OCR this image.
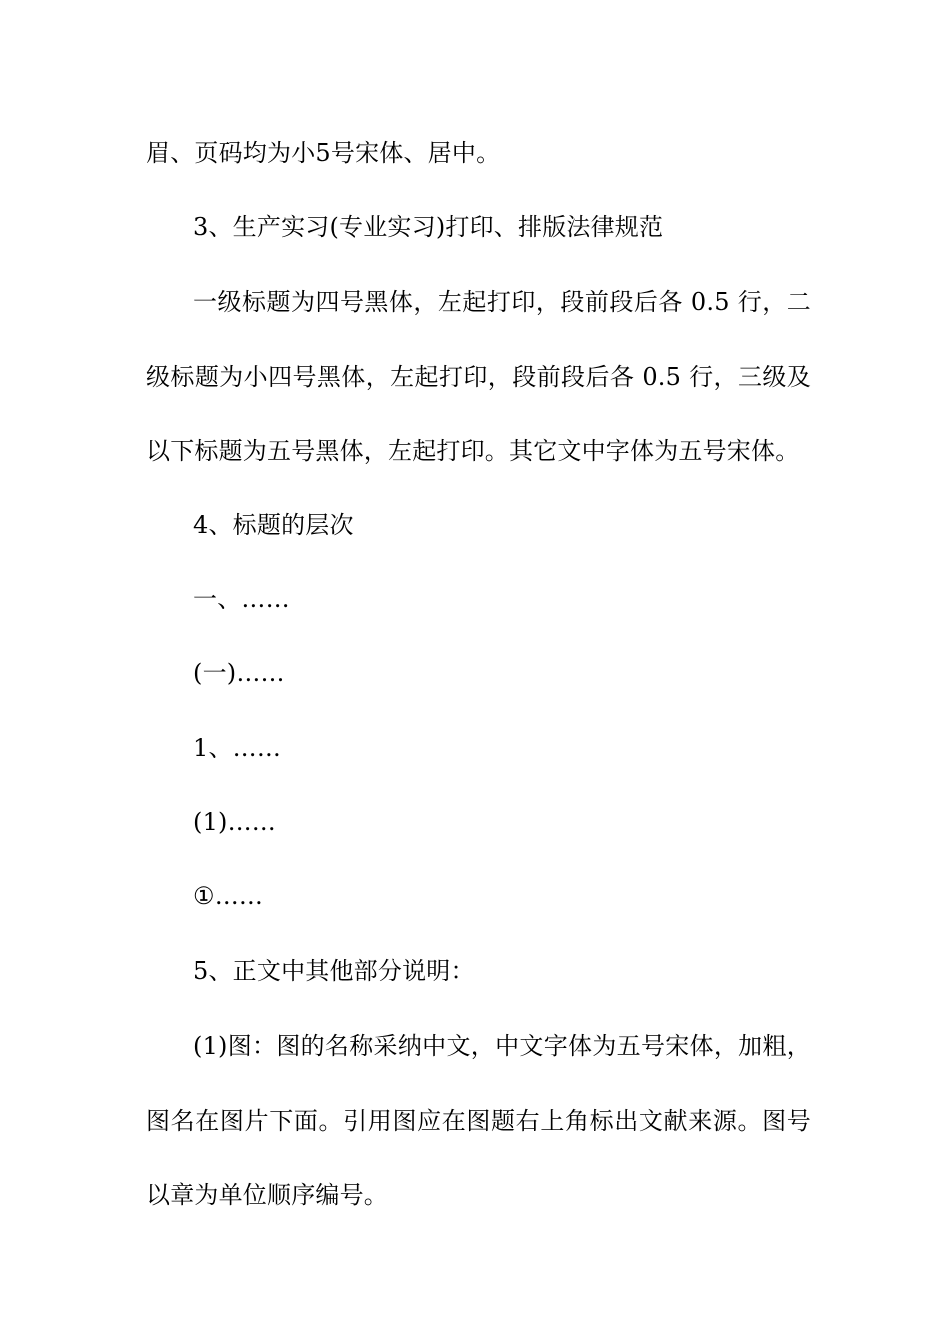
眉、页码均为小5号宋体、居中。
3、生产实习(专业实习)打印、排版法律规范
一级标题为四号黑体，左起打印，段前段后各 0.5 行，二
级标题为小四号黑体，左起打印，段前段后各 0.5 行，三级及
以下标题为五号黑体，左起打印。其它文中字体为五号宋体。
4、标题的层次
一、……
(一)……
1、……
(1)……
①……
5、正文中其他部分说明：
(1)图：图的名称采纳中文，中文字体为五号宋体，加粗，
图名在图片下面。引用图应在图题右上角标出文献来源。图号
以章为单位顺序编号。
